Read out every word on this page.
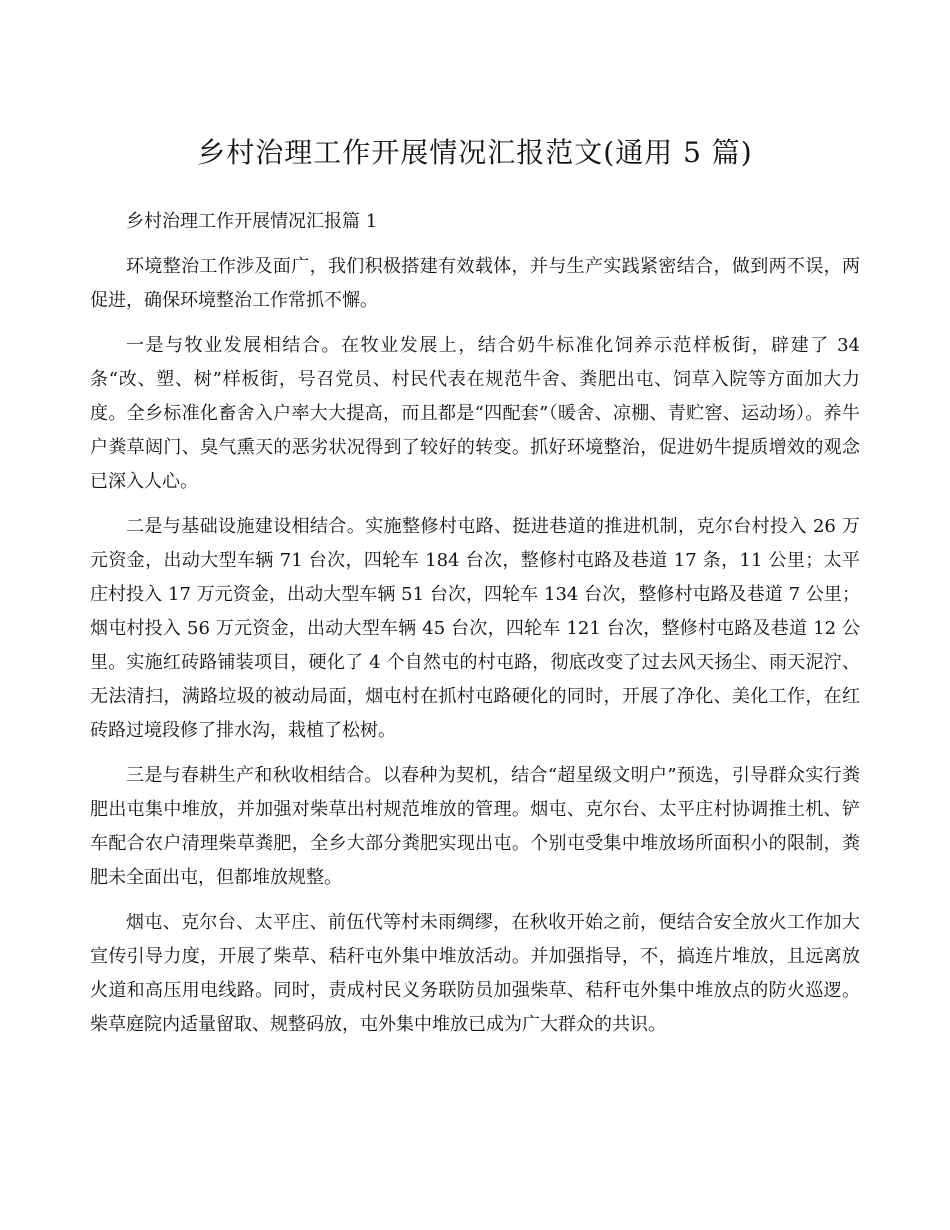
乡村治理工作开展情况汇报范文(通用 5 篇)

乡村治理工作开展情况汇报篇 1

环境整治工作涉及面广，我们积极搭建有效载体，并与生产实践紧密结合，做到两不误，两促进，确保环境整治工作常抓不懈。

一是与牧业发展相结合。在牧业发展上，结合奶牛标准化饲养示范样板街，辟建了 34 条“改、塑、树”样板街，号召党员、村民代表在规范牛舍、粪肥出屯、饲草入院等方面加大力度。全乡标准化畜舍入户率大大提高，而且都是“四配套”（暖舍、凉棚、青贮窖、运动场）。养牛户粪草闼门、臭气熏天的恶劣状况得到了较好的转变。抓好环境整治，促进奶牛提质增效的观念已深入人心。

二是与基础设施建设相结合。实施整修村屯路、挺进巷道的推进机制，克尔台村投入 26 万元资金，出动大型车辆 71 台次，四轮车 184 台次，整修村屯路及巷道 17 条，11 公里；太平庄村投入 17 万元资金，出动大型车辆 51 台次，四轮车 134 台次，整修村屯路及巷道 7 公里；烟屯村投入 56 万元资金，出动大型车辆 45 台次，四轮车 121 台次，整修村屯路及巷道 12 公里。实施红砖路铺装项目，硬化了 4 个自然屯的村屯路，彻底改变了过去风天扬尘、雨天泥泞、无法清扫，满路垃圾的被动局面，烟屯村在抓村屯路硬化的同时，开展了净化、美化工作，在红砖路过境段修了排水沟，栽植了松树。

三是与春耕生产和秋收相结合。以春种为契机，结合“超星级文明户”预选，引导群众实行粪肥出屯集中堆放，并加强对柴草出村规范堆放的管理。烟屯、克尔台、太平庄村协调推土机、铲车配合农户清理柴草粪肥，全乡大部分粪肥实现出屯。个别屯受集中堆放场所面积小的限制，粪肥未全面出屯，但都堆放规整。

烟屯、克尔台、太平庄、前伍代等村未雨绸缪，在秋收开始之前，便结合安全放火工作加大宣传引导力度，开展了柴草、秸秆屯外集中堆放活动。并加强指导，不，搞连片堆放，且远离放火道和高压用电线路。同时，责成村民义务联防员加强柴草、秸秆屯外集中堆放点的防火巡逻。柴草庭院内适量留取、规整码放，屯外集中堆放已成为广大群众的共识。
